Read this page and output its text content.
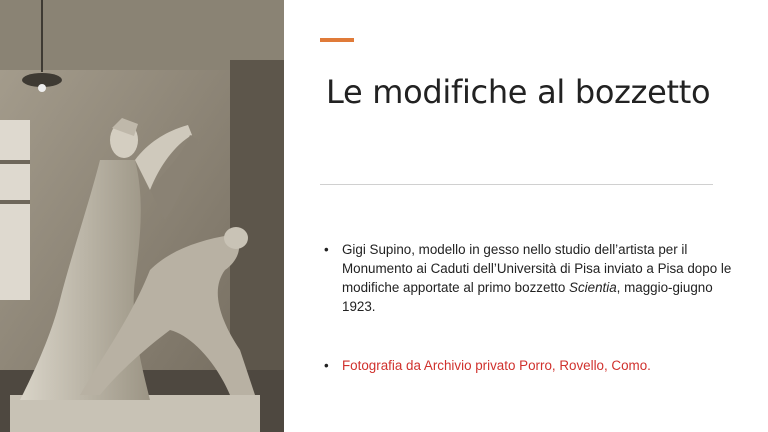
Le modifiche al bozzetto
• Gigi Supino, modello in gesso nello studio dell’artista per il Monumento ai Caduti dell’Università di Pisa inviato a Pisa dopo le modifiche apportate al primo bozzetto Scientia, maggio-giugno 1923.
• Fotografia da Archivio privato Porro, Rovello, Como.
